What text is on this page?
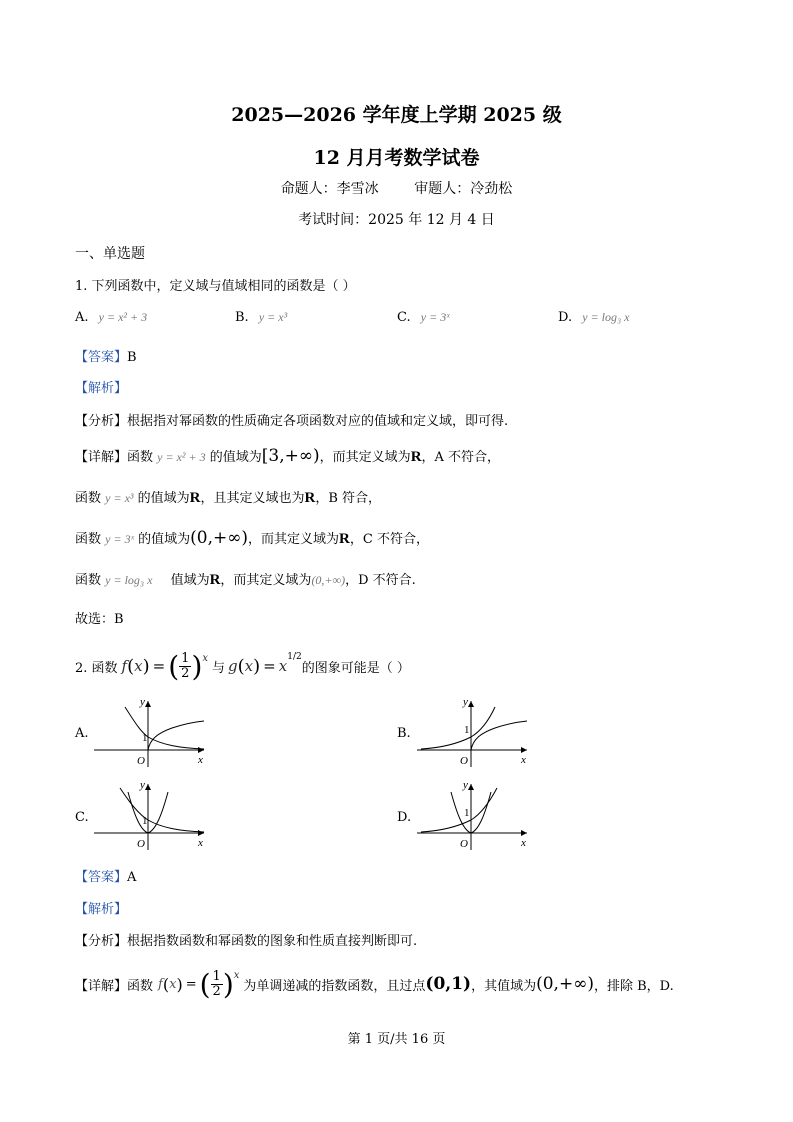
2025—2026 学年度上学期 2025 级
12 月月考数学试卷
命题人：李雪冰        审题人：冷劲松
考试时间：2025 年 12 月 4 日
一、单选题
1. 下列函数中，定义域与值域相同的函数是（ ）
A. y = x² + 3	B. y = x³	C. y = 3ˣ	D. y = log₃ x
【答案】B
【解析】
【分析】根据指对幂函数的性质确定各项函数对应的值域和定义域，即可得.
【详解】函数 y = x² + 3 的值域为[3,+∞)，而其定义域为R，A 不符合，
函数 y = x³ 的值域为R，且其定义域也为R，B 符合，
函数 y = 3ˣ 的值域为(0,+∞)，而其定义域为R，C 不符合，
函数 y = log₃ x 值域为R，而其定义域为(0,+∞)，D 不符合.
故选：B
2. 函数 f ( x ) = ( $\frac{1}{2} )^x$
与 g ( x ) = $x^{1/2}$
的图象可能是（ ）
A.	B.
C.	D.
y
x
O
1
y
x
O
1
y
x
O
1
y
x
O
1
【答案】A
【解析】
【分析】根据指数函数和幂函数的图象和性质直接判断即可.
【详解】 函数 f ( x ) = ( $\frac{1}{2} )^x$
为单调递减的指数函数，且过点 (0,1) ，其值域为 (0,+∞) ，排除 B，D.
第 1 页/共 16 页
